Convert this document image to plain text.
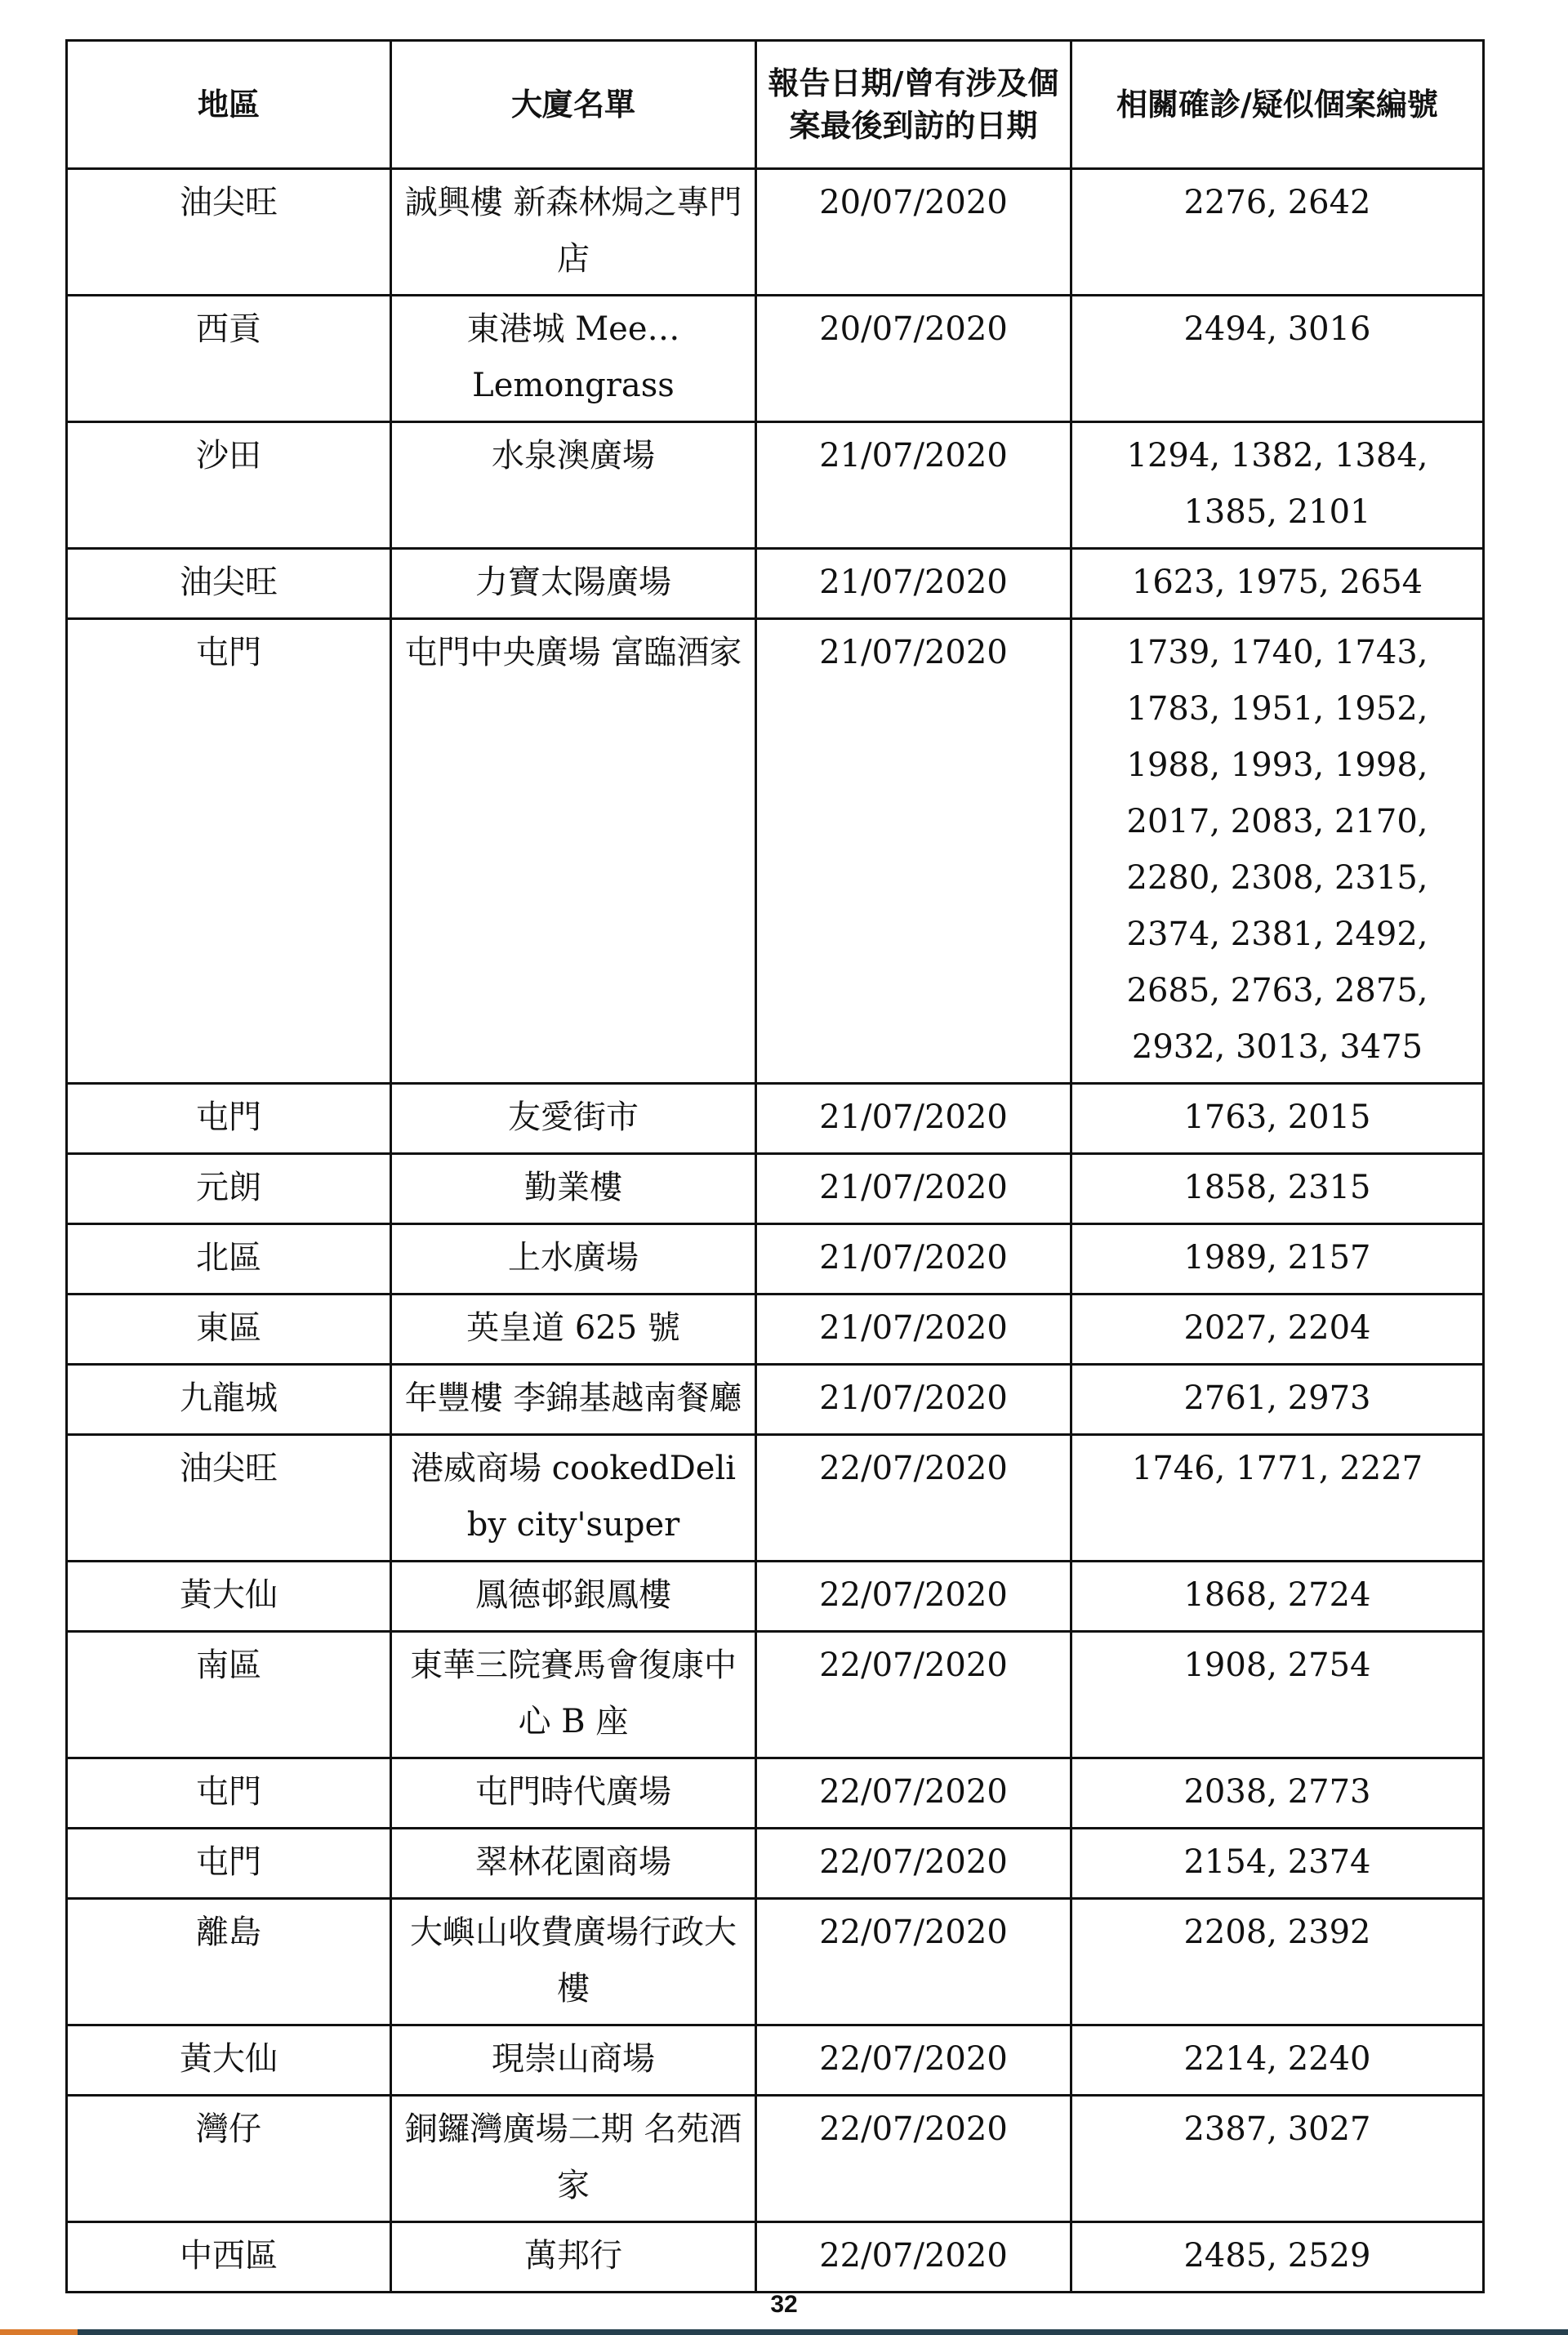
地區	大廈名單	報告日期/曾有涉及個案最後到訪的日期	相關確診/疑似個案編號
油尖旺	誠興樓 新森林焗之專門店	20/07/2020	2276, 2642
西貢	東港城 Mee… Lemongrass	20/07/2020	2494, 3016
沙田	水泉澳廣場	21/07/2020	1294, 1382, 1384, 1385, 2101
油尖旺	力寶太陽廣場	21/07/2020	1623, 1975, 2654
屯門	屯門中央廣場 富臨酒家	21/07/2020	1739, 1740, 1743, 1783, 1951, 1952, 1988, 1993, 1998, 2017, 2083, 2170, 2280, 2308, 2315, 2374, 2381, 2492, 2685, 2763, 2875, 2932, 3013, 3475
屯門	友愛街市	21/07/2020	1763, 2015
元朗	勤業樓	21/07/2020	1858, 2315
北區	上水廣場	21/07/2020	1989, 2157
東區	英皇道 625 號	21/07/2020	2027, 2204
九龍城	年豐樓 李錦基越南餐廳	21/07/2020	2761, 2973
油尖旺	港威商場 cookedDeli by city'super	22/07/2020	1746, 1771, 2227
黃大仙	鳳德邨銀鳳樓	22/07/2020	1868, 2724
南區	東華三院賽馬會復康中心 B 座	22/07/2020	1908, 2754
屯門	屯門時代廣場	22/07/2020	2038, 2773
屯門	翠林花園商場	22/07/2020	2154, 2374
離島	大嶼山收費廣場行政大樓	22/07/2020	2208, 2392
黃大仙	現崇山商場	22/07/2020	2214, 2240
灣仔	銅鑼灣廣場二期 名苑酒家	22/07/2020	2387, 3027
中西區	萬邦行	22/07/2020	2485, 2529
32
